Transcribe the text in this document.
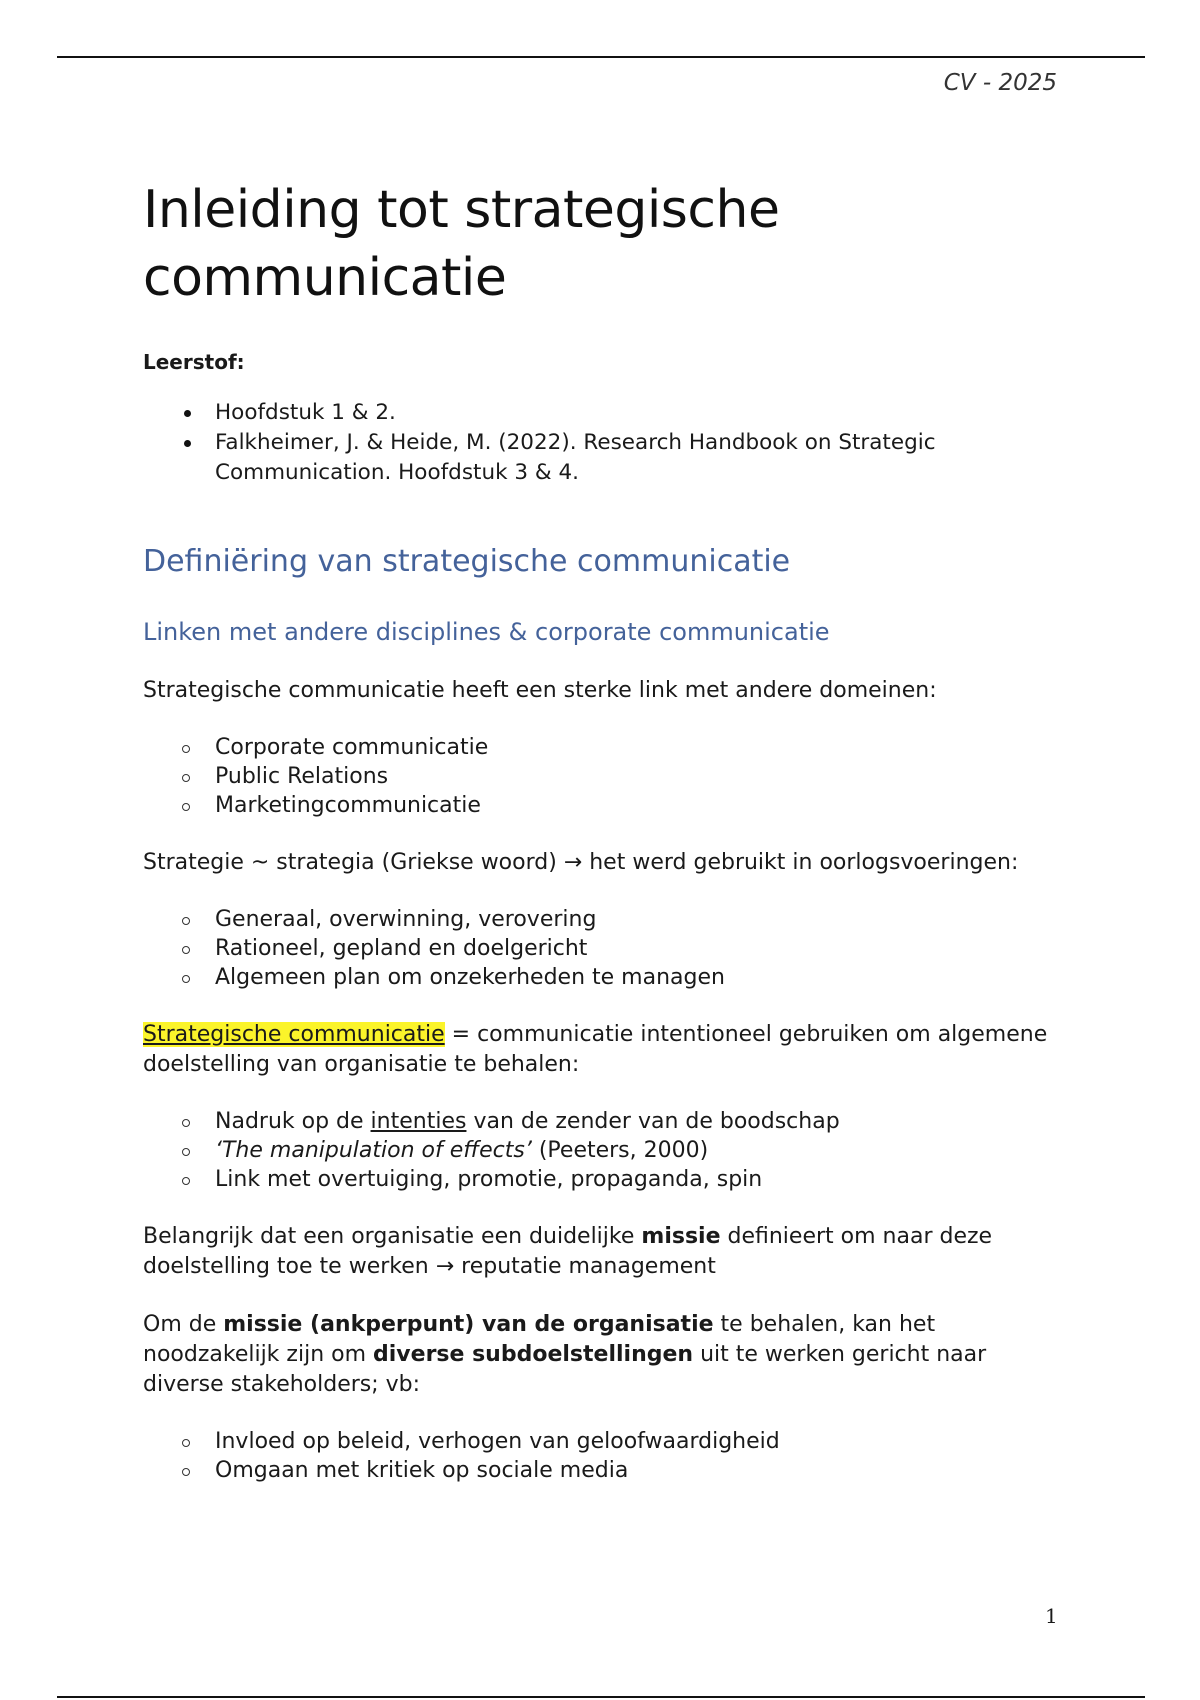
CV - 2025
Inleiding tot strategische
communicatie
Leerstof:
Hoofdstuk 1 & 2.
Falkheimer, J. & Heide, M. (2022). Research Handbook on Strategic Communication. Hoofdstuk 3 & 4.
Definiëring van strategische communicatie
Linken met andere disciplines & corporate communicatie

Strategische communicatie heeft een sterke link met andere domeinen:

Corporate communicatie
Public Relations
Marketingcommunicatie

Strategie ~ strategia (Griekse woord) → het werd gebruikt in oorlogsvoeringen:

Generaal, overwinning, verovering
Rationeel, gepland en doelgericht
Algemeen plan om onzekerheden te managen

Strategische communicatie = communicatie intentioneel gebruiken om algemene doelstelling van organisatie te behalen:

Nadruk op de intenties van de zender van de boodschap
‘The manipulation of effects’ (Peeters, 2000)
Link met overtuiging, promotie, propaganda, spin

Belangrijk dat een organisatie een duidelijke missie definieert om naar deze doelstelling toe te werken → reputatie management

Om de missie (ankperpunt) van de organisatie te behalen, kan het noodzakelijk zijn om diverse subdoelstellingen uit te werken gericht naar diverse stakeholders; vb:

Invloed op beleid, verhogen van geloofwaardigheid
Omgaan met kritiek op sociale media
1
